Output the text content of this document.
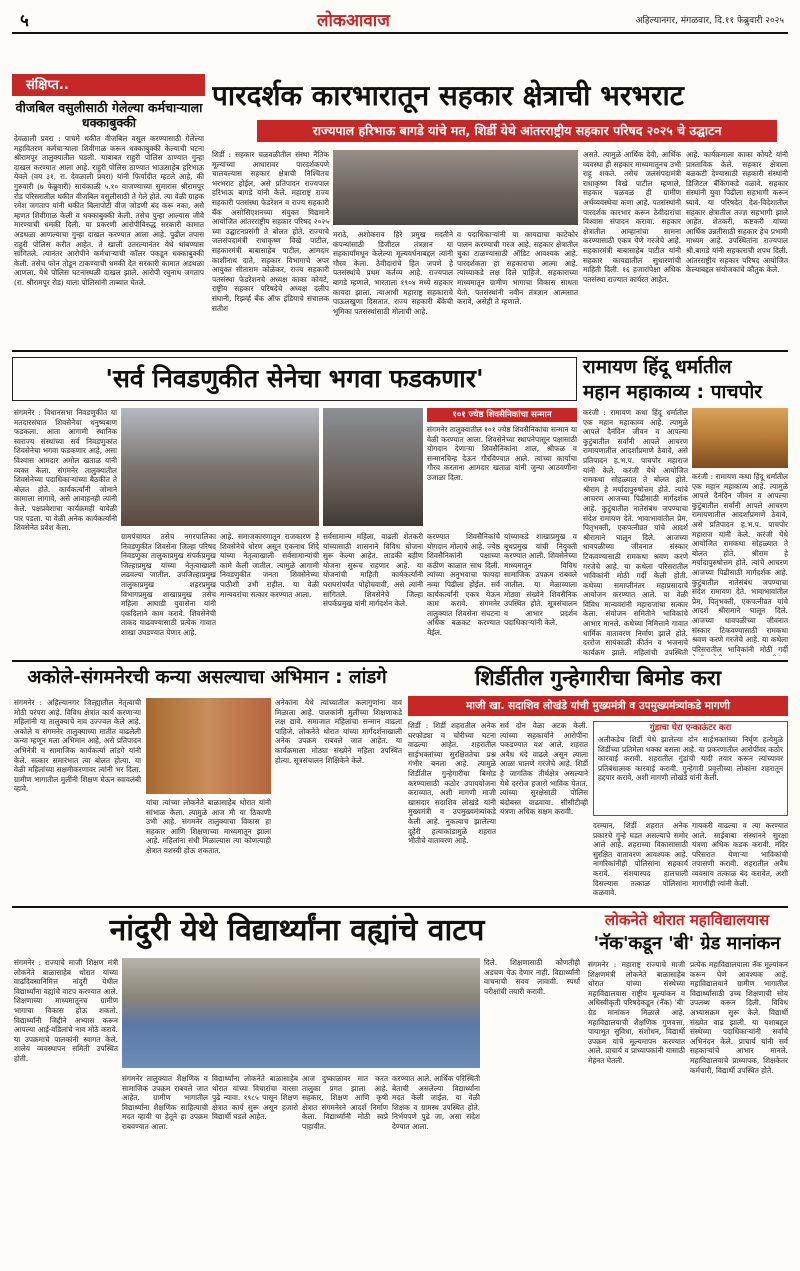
५	लोकआवाज	अहिल्यानगर, मंगळवार, दि.११ फेब्रुवारी २०२५
संक्षिप्त..
वीजबिल वसुलीसाठी गेलेल्या कर्मचाऱ्याला धक्काबुक्की
देवळाली प्रवरा : पाचमे थकीत वीजबिल वसूल करण्यासाठी गेलेल्या महावितरण कर्मचाऱ्याला शिवीगाळ करून धक्काबुक्की केल्याची घटना श्रीरामपूर तालुक्यातील घडली. याबाबत राहुरी पोलिस ठाण्यात गुन्हा दाखल करण्यात आला आहे. राहुरी पोलिस ठाण्यात भाऊसाहेब हरिभाऊ येवले (वय ३१, रा. देवळाली प्रवरा) यांनी फिर्यादीत म्हटले आहे, की गुरुवारी (७ फेब्रुवारी) सायंकाळी ५.१० वाजण्याच्या सुमारास श्रीरामपूर रोड परिसरातील थकीत वीजबिल वसुलीसाठी ते गेले होते. त्या वेळी ग्राहक रमेश जगताप यांनी थकीत बिलापोटी वीज जोडणी बंद करू नका, असे म्हणत शिवीगाळ केली व धक्काबुक्की केली. तसेच पुन्हा आल्यास जीवे मारण्याची धमकी दिली. या प्रकरणी आरोपीविरुद्ध सरकारी कामात अडथळा आणल्याचा गुन्हा दाखल करण्यात आला आहे. पुढील तपास राहुरी पोलिस करीत आहेत. ते खाली उतरल्यानंतर येथे थांबण्यास सांगितले. त्यानंतर आरोपीने कर्मचाऱ्याची कॉलर पकडून धक्काबुक्की केली. तसेच फोन तोडून टाकण्याची धमकी देत सरकारी कामात अडथळा आणला. येथे पोलिस घटनास्थळी दाखल झाले. आरोपी रघुनाथ जगताप (रा. श्रीरामपूर रोड) याला पोलिसांनी ताब्यात घेतले.
पारदर्शक कारभारातून सहकार क्षेत्राची भरभराट
राज्यपाल हरिभाऊ बागडे यांचे मत, शिर्डी येथे आंतरराष्ट्रीय सहकार परिषद २०२५ चे उद्घाटन
शिर्डी : सहकार चळवळीतील संस्था नैतिक मूल्यांच्या आधारावर पारदर्शकपणे चालवल्यास सहकार क्षेत्राची निश्चितच भरभराट होईल, असे प्रतिपादन राज्यपाल हरिभाऊ बागडे यांनी केले. महाराष्ट्र राज्य सहकारी पतसंस्था फेडरेशन व राज्य सहकारी बँक असोसिएशनच्या संयुक्त विद्यमाने आयोजित आंतरराष्ट्रीय सहकार परिषद २०२५ च्या उद्घाटनप्रसंगी ते बोलत होते. राज्याचे जलसंपदामंत्री राधाकृष्ण विखे पाटील, सहकारमंत्री बाबासाहेब पाटील, आमदार काशीनाथ दाते, सहकार विभागाचे अपर आयुक्त सीताराम कोळेकर, राज्य सहकारी पतसंस्था फेडरेशनचे अध्यक्ष काका कोयटे, राष्ट्रीय सहकार परिषदेचे अध्यक्ष दलीप संघानी, रिझर्व्ह बँक ऑफ इंडियाचे संचालक सतीश
मराठे, अशोकराव हिरे प्रमुख मदतीने कंपन्यांसाठी डिजीटल तंत्रज्ञान या सहकार्यांमधून केलेल्या मूल्यवर्धनाबद्दल त्यांनी गौरव केला. ठेवीदारांचे हित जपणे हे पतसंस्थांचे प्रथम कर्तव्य आहे. राज्यपाल बागडे म्हणाले, भारताला १९०४ मध्ये सहकार कायदा झाला. त्याआधी महाराष्ट्र सहकाराचे पाऊलखुणा दिसतात. राज्य सहकारी बँकेची भूमिका पतसंस्थांसाठी मोलाची आहे.
व पदाधिकाऱ्यांनी या कायद्याचा काटेकोर पालन करण्याची गरज आहे. सहकार क्षेत्रातील चुका टाळण्यासाठी ऑडिट आवश्यक आहे. पारदर्शकता हा सहकाराचा आत्मा आहे. त्यांच्याकडे लक्ष दिले पाहिजे. सहकाराच्या माध्यमातून ग्रामीण भागाचा विकास साधता येतो. पतसंस्थांनी नवीन तंत्रज्ञान आत्मसात करावे, असेही ते म्हणाले.
असते. त्यामुळे आर्थिक देवी, आर्थिक व्यवस्था ही सहकार माध्यमातूनच उभी राहू शकते. तसेच जलसंपदामंत्री राधाकृष्ण विखे पाटील म्हणाले, सहकार चळवळ ही ग्रामीण अर्थव्यवस्थेचा कणा आहे. पतसंस्थांनी पारदर्शक कारभार करून ठेवीदारांचा विश्वास संपादन करावा. सहकार क्षेत्रातील आव्हानांचा सामना करण्यासाठी एकत्र येणे गरजेचे आहे. सहकारमंत्री बाबासाहेब पाटील यांनी सहकार कायद्यातील सुधारणांची माहिती दिली. १६ हजारांपेक्षा अधिक पतसंस्था राज्यात कार्यरत आहेत.
आहे. कार्यक्रमाला काका कोयटे यांनी प्रास्ताविक केले. सहकार क्षेत्राला बळकटी देण्यासाठी सहकारी संस्थांनी डिजिटल बँकिंगकडे वळावे. सहकार संस्थांनी युवा पिढीला सहभागी करून घ्यावे. या परिषदेत देश-विदेशातील सहकार क्षेत्रातील तज्ज्ञ सहभागी झाले आहेत. शेतकरी, कष्टकरी यांच्या आर्थिक उन्नतीसाठी सहकार हेच प्रभावी माध्यम आहे. उपस्थितांना राज्यपाल श्री.बागडे यांनी सहकाराची शपथ दिली. आंतरराष्ट्रीय सहकार परिषद आयोजित केल्याबद्दल संयोजकांचे कौतुक केले.
'सर्व निवडणुकीत सेनेचा भगवा फडकणार'
संगमनेर : विधानसभा निवडणुकीत या मतदारसंघात शिवसेनेचा धनुष्यबाण फडकला. आता आगामी स्थानिक स्वराज्य संस्थांच्या सर्व निवडणुकांत शिवसेनेचा भगवा फडकणार आहे, असा विश्वास आमदार अमोल खताळ यांनी व्यक्त केला. संगमनेर तालुक्यातील शिवसेनेच्या पदाधिकाऱ्यांच्या बैठकीत ते बोलत होते. कार्यकर्त्यांनी जोमाने कामाला लागावे, असे आवाहनही त्यांनी केले. पक्षप्रवेशाचा कार्यक्रमही यावेळी पार पडला. या वेळी अनेक कार्यकर्त्यांनी शिवसेनेत प्रवेश केला.
ग्रामपंचायत तसेच नगरपालिका निवडणुकीत शिवसेना जिल्हा परिषद निवडणुका तालुकाप्रमुख संपर्कप्रमुख जिल्हाप्रमुख यांच्या नेतृत्वाखाली लढवल्या जातील. उपजिल्हाप्रमुख तालुकाप्रमुख शहरप्रमुख विभागप्रमुख शाखाप्रमुख तसेच महिला आघाडी युवासेना यांनी एकदिलाने काम करावे. शिवसेनेची ताकद वाढवण्यासाठी प्रत्येक गावात शाखा उघडण्यात येणार आहे.
आहे. समाजकारणातून राजकारण हे शिवसेनेचे धोरण असून एकनाथ शिंदे यांच्या नेतृत्वाखाली सर्वसामान्यांची कामे केली जातील. त्यामुळे आगामी निवडणुकीत जनता शिवसेनेच्या पाठीशी उभी राहील. या वेळी मान्यवरांचा सत्कार करण्यात आला.
सर्वसामान्य महिला, वाढली शेतकरी यांच्यासाठी शासनाने विविध योजना सुरू केल्या आहेत. लाडकी बहीण योजना सुरूच राहणार आहे. या योजनांची माहिती कार्यकर्त्यांनी घराघरांपर्यंत पोहोचवावी, असे त्यांनी सांगितले. शिवसेनेचे जिल्हा संपर्कप्रमुख यांनी मार्गदर्शन केले.
१०१ ज्येष्ठ शिवसैनिकांचा सन्मान
संगमनेर तालुक्यातील १०१ ज्येष्ठ शिवसैनिकांचा सन्मान या वेळी करण्यात आला. शिवसेनेच्या स्थापनेपासून पक्षासाठी योगदान देणाऱ्या शिवसैनिकांना शाल, श्रीफळ व सन्मानचिन्ह देऊन गौरविण्यात आले. त्यांच्या कार्याचा गौरव करताना आमदार खताळ यांनी जुन्या आठवणींना उजाळा दिला.
करण्यात शिवसैनिकांचे योगदान मोलाचे आहे. ज्येष्ठ शिवसैनिकांनी पक्षाच्या कठीण काळात साथ दिली. त्यांच्या अनुभवाचा फायदा नव्या पिढीला होईल. सर्व कार्यकर्त्यांनी एकत्र येऊन काम करावे. संगमनेर तालुक्यात शिवसेना संघटना अधिक बळकट करण्यात येईल.
यांच्याकडे शाखाप्रमुख व बूथप्रमुख यांची नियुक्ती करण्यात आली. शिवसेनेच्या माध्यमातून विविध सामाजिक उपक्रम राबवले जातील. या मेळाव्याला मोठ्या संख्येने शिवसैनिक उपस्थित होते. सूत्रसंचालन व आभार प्रदर्शन पदाधिकाऱ्यांनी केले.
रामायण हिंदू धर्मातील
महान महाकाव्य : पाचपोर
करंजी : रामायण कथा हिंदू धर्मातील एक महान महाकाव्य आहे. त्यामुळे आपले दैनंदिन जीवन व आपल्या कुटुंबातील सर्वांनी आपले आचरण रामायणातील आदर्शांप्रमाणे ठेवावे, असे प्रतिपादन ह.भ.प. पाचपोर महाराज यांनी केले. करंजी येथे आयोजित रामकथा सोहळ्यात ते बोलत होते. श्रीराम हे मर्यादापुरुषोत्तम होते. त्यांचे आचरण आजच्या पिढीसाठी मार्गदर्शक आहे. कुटुंबातील नातेसंबंध जपण्याचा संदेश रामायण देते. भावाभावांतील प्रेम, पितृभक्ती, एकपत्नीव्रत यांचे आदर्श श्रीरामाने घालून दिले. आजच्या धावपळीच्या जीवनात संस्कार टिकवण्यासाठी रामकथा श्रवण करणे गरजेचे आहे. या कथेला परिसरातील भाविकांनी मोठी गर्दी केली होती. कथेच्या समाप्तीनंतर महाप्रसादाचे आयोजन करण्यात आले. या वेळी विविध मान्यवरांनी महाराजांचा सत्कार केला. संयोजन समितीने भाविकांचे आभार मानले. कथेच्या निमित्ताने गावात धार्मिक वातावरण निर्माण झाले होते. दररोज सायंकाळी कीर्तन व भजनाचे कार्यक्रम झाले. महिलांची उपस्थिती
करंजी : रामायण कथा हिंदू धर्मातील एक महान महाकाव्य आहे. त्यामुळे आपले दैनंदिन जीवन व आपल्या कुटुंबातील सर्वांनी आपले आचरण रामायणातील आदर्शांप्रमाणे ठेवावे, असे प्रतिपादन ह.भ.प. पाचपोर महाराज यांनी केले. करंजी येथे आयोजित रामकथा सोहळ्यात ते बोलत होते. श्रीराम हे मर्यादापुरुषोत्तम होते. त्यांचे आचरण आजच्या पिढीसाठी मार्गदर्शक आहे. कुटुंबातील नातेसंबंध जपण्याचा संदेश रामायण देते. भावाभावांतील प्रेम, पितृभक्ती, एकपत्नीव्रत यांचे आदर्श श्रीरामाने घालून दिले. आजच्या धावपळीच्या जीवनात संस्कार टिकवण्यासाठी रामकथा श्रवण करणे गरजेचे आहे. या कथेला परिसरातील भाविकांनी मोठी गर्दी
अकोले-संगमनेरची कन्या असल्याचा अभिमान : लांडगे
संगमनेर : अहिल्यानगर जिल्ह्यातील नेतृत्वाची मोठी परंपरा आहे. विविध क्षेत्रांत कार्य करणाऱ्या महिलांनी या तालुक्याचे नाव उज्ज्वल केले आहे. अकोले व संगमनेर तालुक्याच्या मातीत वाढलेली कन्या म्हणून मला अभिमान आहे, असे प्रतिपादन अभिनेत्री व सामाजिक कार्यकर्त्या लांडगे यांनी केले. सत्कार समारंभात त्या बोलत होत्या. या वेळी महिलांच्या सक्षमीकरणावर त्यांनी भर दिला. ग्रामीण भागातील मुलींनी शिक्षण घेऊन स्वावलंबी व्हावे.
यांचा त्यांच्या लोकनेते बाळासाहेब थोरात यांनी सांभाळ केला. त्यामुळे आज मी या ठिकाणी उभी आहे. संगमनेर तालुक्याचा विकास हा सहकार आणि शिक्षणाच्या माध्यमातून झाला आहे. महिलांना संधी मिळाल्यास त्या कोणत्याही क्षेत्रात यशस्वी होऊ शकतात.
अनेकांना येथे त्यांच्यातील कलागुणांना वाव मिळाला आहे. पालकांनी मुलींच्या शिक्षणाकडे लक्ष द्यावे. समाजात महिलांचा सन्मान वाढला पाहिजे. लोकनेते थोरात यांच्या मार्गदर्शनाखाली अनेक उपक्रम राबवले जात आहेत. या कार्यक्रमाला मोठ्या संख्येने महिला उपस्थित होत्या. सूत्रसंचालन शिक्षिकेने केले.
शिर्डीतील गुन्हेगारीचा बिमोड करा
माजी खा. सदाशिव लोखंडे यांची मुख्यमंत्री व उपमुख्यमंत्र्यांकडे मागणी
शिर्डी : शिर्डी शहरातील अनेक घरफोड्या व चोरीच्या घटना वाढल्या आहेत. शहरातील साईभक्तांच्या सुरक्षिततेचा प्रश्न गंभीर बनला आहे. त्यामुळे शिर्डीतील गुन्हेगारीचा बिमोड करण्यासाठी कठोर उपाययोजना कराव्यात, अशी मागणी माजी खासदार सदाशिव लोखंडे यांनी मुख्यमंत्री व उपमुख्यमंत्र्यांकडे केली आहे. नुकत्याच झालेल्या दुहेरी हत्याकांडामुळे शहरात भीतीचे वातावरण आहे.
सर्व दोन वेळा अटक केली. त्यांच्या सहकार्याने आरोपींना पकडण्यात यश आले. शहरात अवैध धंदे वाढले असून त्याला आळा घालणे गरजेचे आहे. शिर्डी हे जागतिक तीर्थक्षेत्र असल्याने येथे दररोज हजारो भाविक येतात. त्यांच्या सुरक्षेसाठी पोलिस बंदोबस्त वाढवावा. सीसीटीव्ही यंत्रणा अधिक सक्षम करावी.
गुंडाचा घेरा एन्काऊंटर करा
अलीकडेच शिर्डी येथे झालेल्या दोन साईभक्तांच्या निर्घृण हत्येमुळे शिर्डीच्या प्रतिमेला धक्का बसला आहे. या प्रकरणातील आरोपींवर कठोर कारवाई करावी. शहरातील गुंडांची यादी तयार करून त्यांच्यावर प्रतिबंधात्मक कारवाई करावी. गुन्हेगारी प्रवृत्तीच्या लोकांना शहरातून हद्दपार करावे, अशी मागणी लोखंडे यांनी केली.
दरम्यान, शिर्डी शहरात अनेक प्रकारचे गुन्हे घडत असल्याचे समोर आले आहे. शहराच्या विकासासाठी सुरक्षित वातावरण आवश्यक आहे. नागरिकांनीही पोलिसांना सहकार्य करावे. संशयास्पद हालचाली दिसल्यास तत्काळ पोलिसांना कळवावे.
गायकरी वाढल्या व त्या करण्यात आले. साईबाबा संस्थानने सुरक्षा यंत्रणा अधिक कडक करावी. मंदिर परिसरात येणाऱ्या भाविकांची तपासणी करावी. शहरातील अवैध व्यवसाय तत्काळ बंद करावेत, अशी मागणीही त्यांनी केली.
नांदुरी येथे विद्यार्थ्यांना वह्यांचे वाटप
संगमनेर : राज्याचे माजी शिक्षण मंत्री लोकनेते बाळासाहेब थोरात यांच्या वाढदिवसानिमित्त नांदुरी येथील विद्यार्थ्यांना वह्यांचे वाटप करण्यात आले. शिक्षणाच्या माध्यमातूनच ग्रामीण भागाचा विकास होऊ शकतो. विद्यार्थ्यांनी जिद्दीने अभ्यास करून आपल्या आई-वडिलांचे नाव मोठे करावे. या उपक्रमाचे पालकांनी स्वागत केले. शालेय व्यवस्थापन समिती उपस्थित होती.
संगमनेर तालुक्यात शैक्षणिक व सामाजिक उपक्रम राबवले जात आहेत. ग्रामीण भागातील विद्यार्थ्यांना शैक्षणिक साहित्याची मदत व्हावी या हेतूने हा उपक्रम राबवण्यात आला.
विद्यार्थ्यांना लोकनेते बाळासाहेब थोरात यांच्या विचारांचा वारसा पुढे न्यावा. १९८५ पासून शिक्षण क्षेत्रात कार्य सुरू असून हजारो विद्यार्थी घडले आहेत.
आज दुष्काळावर मात करत तालुका प्रगत झाला आहे. सहकार, शिक्षण आणि कृषी क्षेत्रात संगमनेरने आदर्श निर्माण केला. विद्यार्थ्यांनी मोठी स्वप्ने पाहावीत.
करण्यात आले. आर्थिक परिस्थिती बेताची असलेल्या विद्यार्थ्यांना मदत केली जाईल. या वेळी शिक्षक व ग्रामस्थ उपस्थित होते. निर्भयपणे पुढे जा, असा संदेश देण्यात आला.
दिले. शिक्षणासाठी कोणतीही अडचण येऊ देणार नाही. विद्यार्थ्यांनी वाचनाची सवय लावावी. स्पर्धा परीक्षांची तयारी करावी.
लोकनेते थोरात महाविद्यालयास
'नॅक'कडून 'बी' ग्रेड मानांकन
संगमनेर : महाराष्ट्र राज्याचे माजी शिक्षणमंत्री लोकनेते बाळासाहेब थोरात यांच्या संस्थेच्या महाविद्यालयास राष्ट्रीय मूल्यांकन व अधिस्वीकृती परिषदेकडून (नॅक) 'बी' ग्रेड मानांकन मिळाले आहे. महाविद्यालयाची शैक्षणिक गुणवत्ता, पायाभूत सुविधा, संशोधन, विद्यार्थी उपक्रम यांचे मूल्यमापन करण्यात आले. प्राचार्य व प्राध्यापकांनी यासाठी मेहनत घेतली.
प्रत्येक महाविद्यालयाला नॅक मूल्यांकन करून घेणे आवश्यक आहे. महाविद्यालयाने ग्रामीण भागातील विद्यार्थ्यांसाठी उच्च शिक्षणाची सोय उपलब्ध करून दिली. विविध अभ्यासक्रम सुरू केले. विद्यार्थी संख्येत वाढ झाली. या यशाबद्दल संस्थेच्या पदाधिकाऱ्यांनी सर्वांचे अभिनंदन केले. प्राचार्य यांनी सर्व सहकाऱ्यांचे आभार मानले. महाविद्यालयाचे प्राध्यापक, शिक्षकेतर कर्मचारी, विद्यार्थी उपस्थित होते.
